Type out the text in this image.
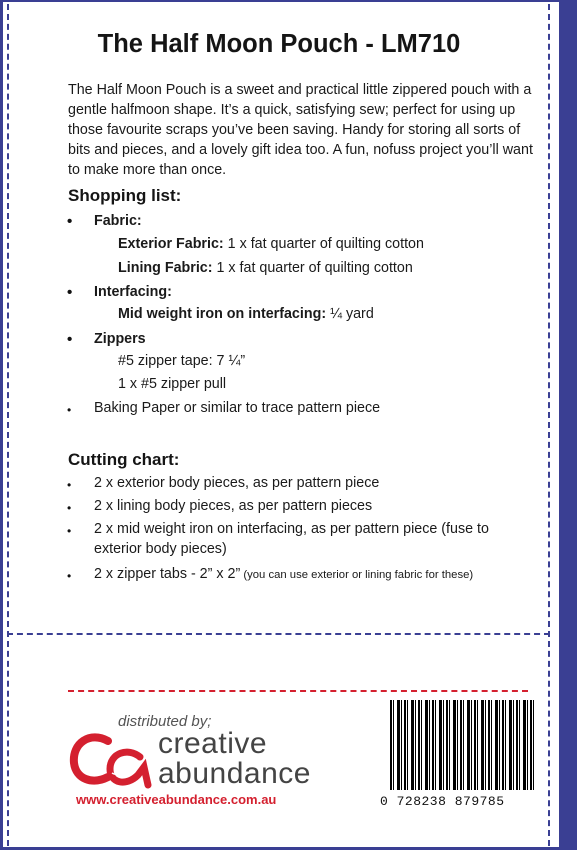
The Half Moon Pouch - LM710

The Half Moon Pouch is a sweet and practical little zippered pouch with a gentle halfmoon shape. It’s a quick, satisfying sew; perfect for using up those favourite scraps you’ve been saving. Handy for storing all sorts of bits and pieces, and a lovely gift idea too. A fun, nofuss project you’ll want to make more than once.

Shopping list:
• Fabric:
Exterior Fabric: 1 x fat quarter of quilting cotton
Lining Fabric: 1 x fat quarter of quilting cotton
• Interfacing:
Mid weight iron on interfacing: ¼ yard
• Zippers
#5 zipper tape: 7 ¼”
1 x #5 zipper pull
• Baking Paper or similar to trace pattern piece
Cutting chart:
• 2 x exterior body pieces, as per pattern piece
• 2 x lining body pieces, as per pattern pieces
• 2 x mid weight iron on interfacing, as per pattern piece (fuse to
exterior body pieces)
• 2 x zipper tabs - 2” x 2” (you can use exterior or lining fabric for these)
distributed by;
creative
abundance
www.creativeabundance.com.au	0 728238 879785
